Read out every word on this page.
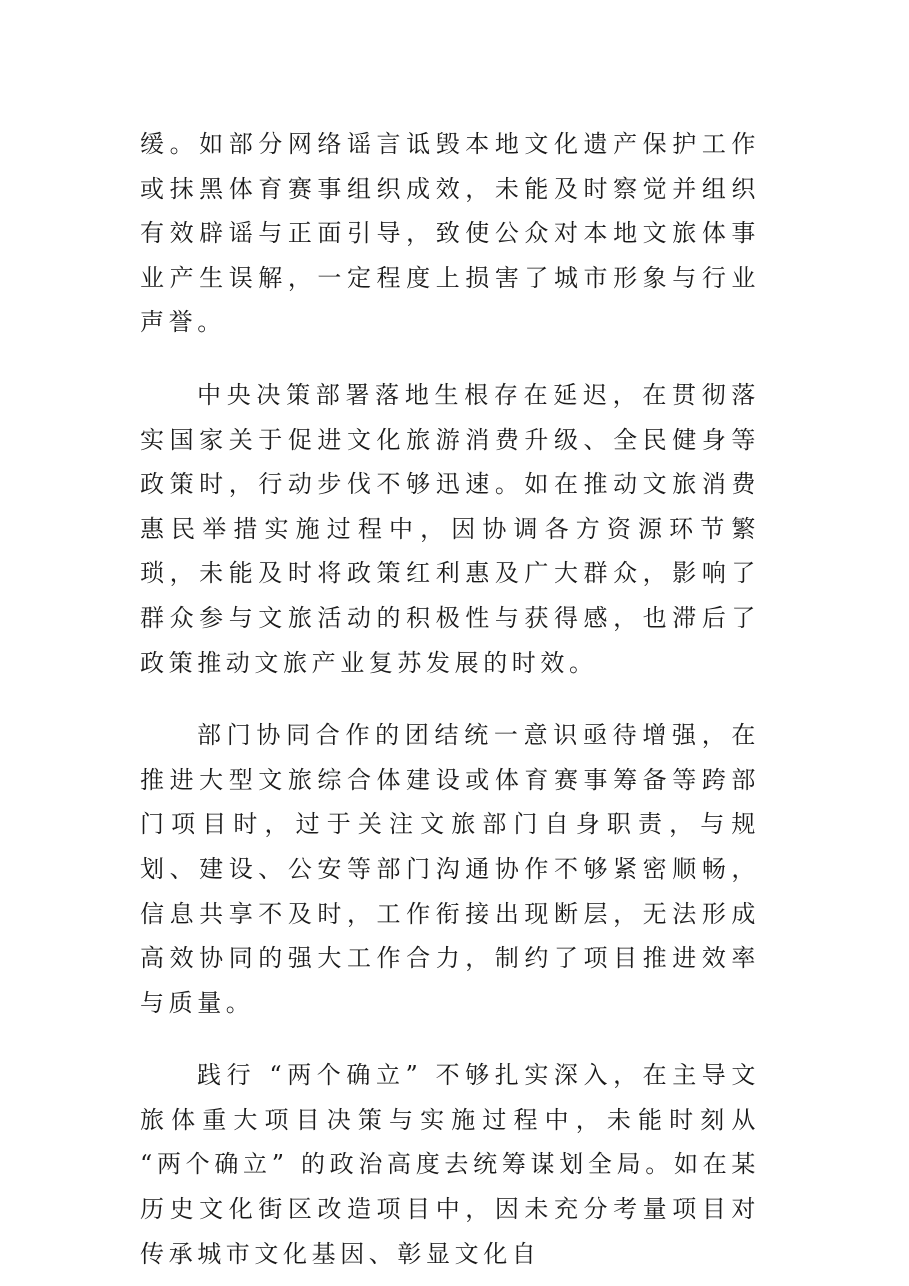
缓。如部分网络谣言诋毁本地文化遗产保护工作或抹黑体育赛事组织成效，未能及时察觉并组织有效辟谣与正面引导，致使公众对本地文旅体事业产生误解，一定程度上损害了城市形象与行业声誉。

中央决策部署落地生根存在延迟，在贯彻落实国家关于促进文化旅游消费升级、全民健身等政策时，行动步伐不够迅速。如在推动文旅消费惠民举措实施过程中，因协调各方资源环节繁琐，未能及时将政策红利惠及广大群众，影响了群众参与文旅活动的积极性与获得感，也滞后了政策推动文旅产业复苏发展的时效。

部门协同合作的团结统一意识亟待增强，在推进大型文旅综合体建设或体育赛事筹备等跨部门项目时，过于关注文旅部门自身职责，与规划、建设、公安等部门沟通协作不够紧密顺畅，信息共享不及时，工作衔接出现断层，无法形成高效协同的强大工作合力，制约了项目推进效率与质量。

践行 “两个确立” 不够扎实深入，在主导文旅体重大项目决策与实施过程中，未能时刻从 “两个确立” 的政治高度去统筹谋划全局。如在某历史文化街区改造项目中，因未充分考量项目对传承城市文化基因、彰显文化自
